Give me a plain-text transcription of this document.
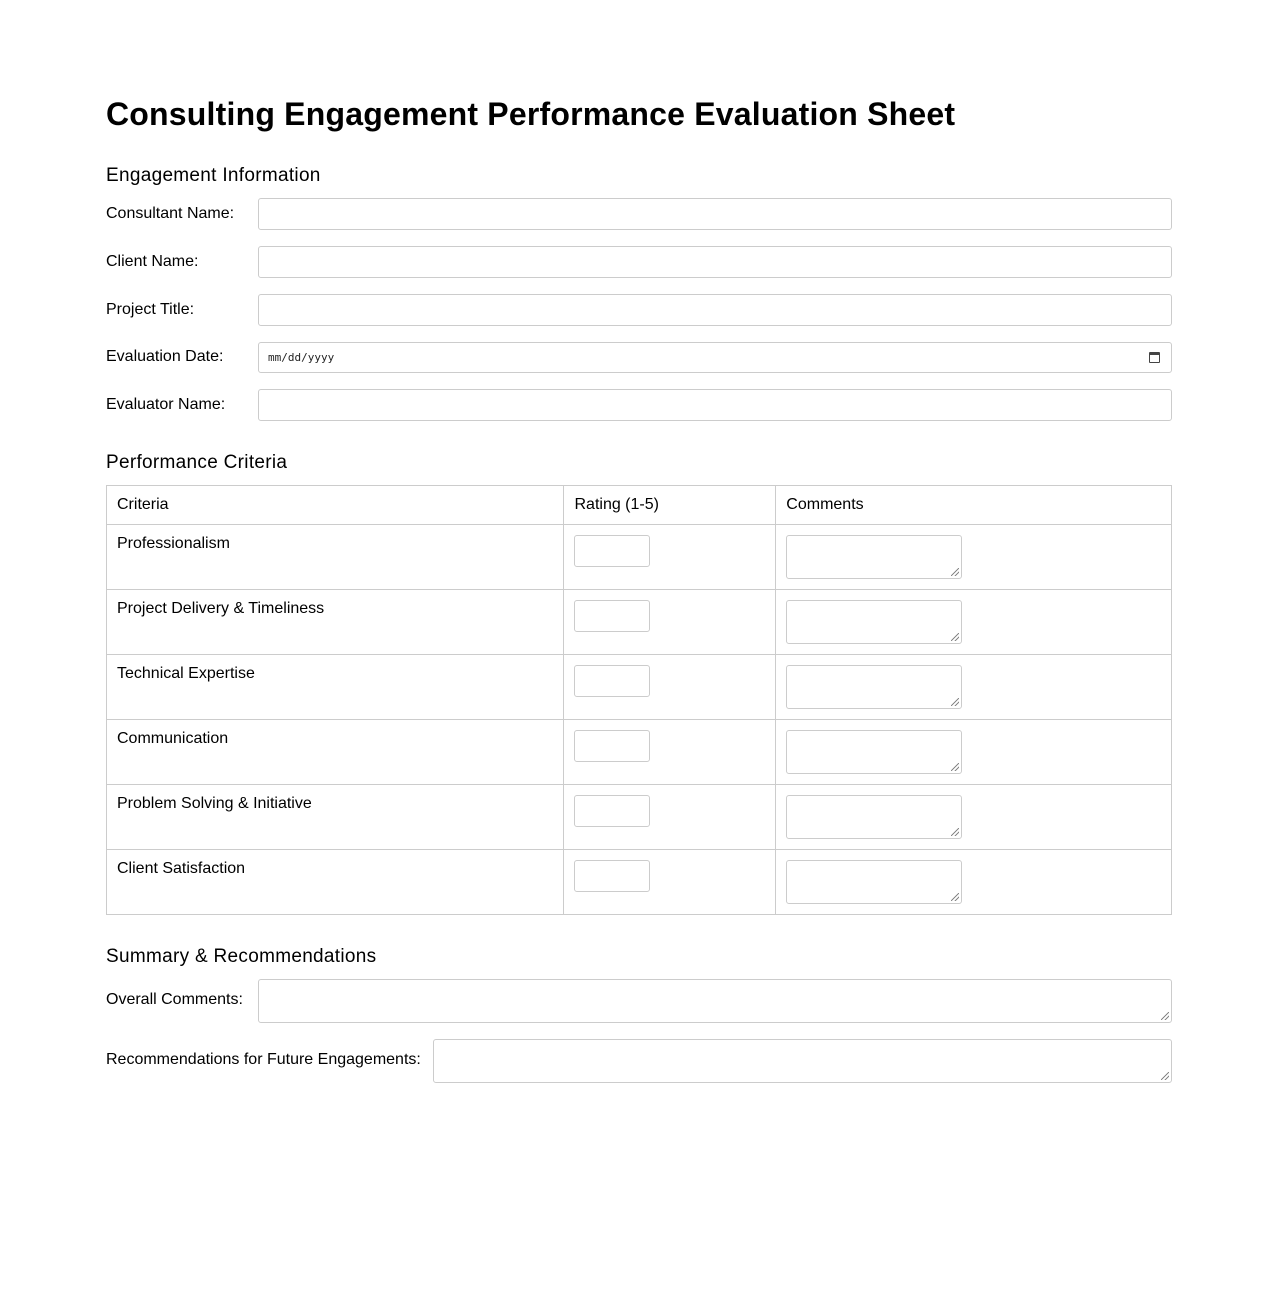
Consulting Engagement Performance Evaluation Sheet
Engagement Information
Consultant Name:
Client Name:
Project Title:
Evaluation Date:	mm/dd/yyyy
Evaluator Name:
Performance Criteria
Criteria	Rating (1-5)	Comments
Professionalism	

Project Delivery & Timeliness	

Technical Expertise	

Communication	

Problem Solving & Initiative	

Client Satisfaction	

Summary & Recommendations
Overall Comments:
Recommendations for Future Engagements:
